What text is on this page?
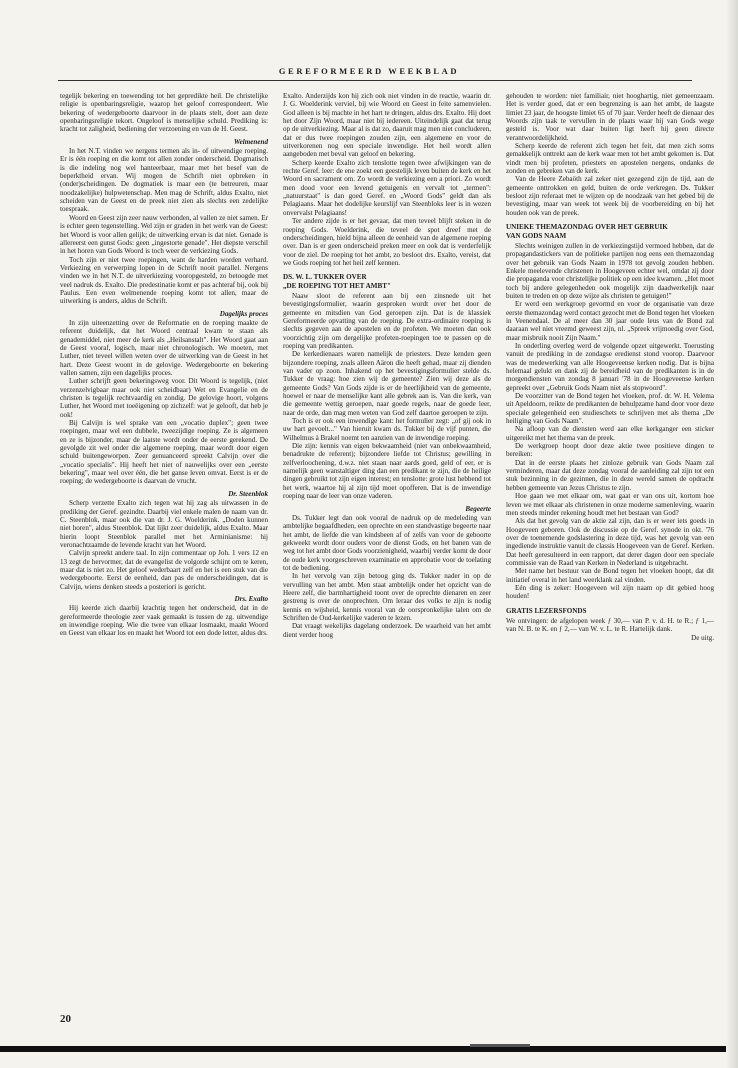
GEREFORMEERD WEEKBLAD

tegelijk bekering en toewending tot het gepredikte heil. De christelijke religie is openbaringsreligie, waarop het geloof correspondeert. Wie bekering of wedergeboorte daarvoor in de plaats stelt, doet aan deze openbaringsreligie tekort. Ongeloof is menselijke schuld. Prediking is: kracht tot zaligheid, bediening der verzoening en van de H. Geest.

Welmenend

In het N.T. vinden we nergens termen als in- of uitwendige roeping. Er is één roeping en die komt tot allen zonder onderscheid. Dogmatisch is die indeling nog wel hanteerbaar, maar met het besef van de beperktheid ervan. Wij mogen de Schrift niet opbreken in (onder)scheidingen. De dogmatiek is maar een (te betreuren, maar noodzakelijke) hulpwetenschap. Men mag de Schrift, aldus Exalto, niet scheiden van de Geest en de preek niet zien als slechts een zedelijke toespraak.

Woord en Geest zijn zeer nauw verbonden, al vallen ze niet samen. Er is echter geen tegenstelling. Wel zijn er graden in het werk van de Geest: het Woord is voor allen gelijk; de uitwerking ervan is dat niet. Genade is allereerst een gunst Gods: geen „ingestorte genade". Het diepste verschil in het horen van Gods Woord is toch weer de verkiezing Gods.

Toch zijn er niet twee roepingen, want de harden worden verhard. Verkiezing en verwerping lopen in de Schrift nooit parallel. Nergens vinden we in het N.T. de uitverkiezing vooropgesteld, zo betoogde met veel nadruk ds. Exalto. Die predestinatie komt er pas achteraf bij, ook bij Paulus. Een even welmenende roeping komt tot allen, maar de uitwerking is anders, aldus de Schrift.

Dagelijks proces

In zijn uiteenzetting over de Reformatie en de roeping maakte de referent duidelijk, dat het Woord centraal kwam te staan als genademiddel, niet meer de kerk als „Heilsanstalt". Het Woord gaat aan de Geest vooraf, logisch, maar niet chronologisch. We moeten, met Luther, niet teveel willen weten over de uitwerking van de Geest in het hart. Deze Geest woont in de gelovige. Wedergeboorte en bekering vallen samen, zijn een dagelijks proces.

Luther schrijft geen bekeringsweg voor. Dit Woord is tegelijk, (niet verzenzelvigbaar maar ook niet scheidbaar) Wet en Evangelie en de christen is tegelijk rechtvaardig en zondig. De gelovige hoort, volgens Luther, het Woord met toeëigening op zichzelf: wat je gelooft, dat heb je ook!

Bij Calvijn is wel sprake van een „vocatio duplex"; geen twee roepingen, maar wel een dubbele, tweezijdige roeping. Ze is algemeen en ze is bijzonder, maar de laatste wordt onder de eerste gerekend. De gevolgde zit wel onder die algemene roeping, maar wordt door eigen schuld buitengeworpen. Zeer genuanceerd spreekt Calvijn over die „vocatio specialis". Hij heeft het niet of nauwelijks over een „eerste bekering", maar wel over één, die het ganse leven omvat. Eerst is er de roeping; de wedergeboorte is daarvan de vrucht.

Dr. Steenblok

Scherp verzette Exalto zich tegen wat hij zag als uitwassen in de prediking der Geref. gezindte. Daarbij viel enkele malen de naam van dr. C. Steenblok, maar ook die van dr. J. G. Woelderink. „Doden kunnen niet horen", aldus Steenblok. Dat lijkt zeer duidelijk, aldus Exalto. Maar hierin loopt Steenblok parallel met het Arminianisme: hij veronachtzaamde de levende kracht van het Woord.

Calvijn spreekt andere taal. In zijn commentaar op Joh. 1 vers 12 en 13 zegt de hervormer, dat de evangelist de volgorde schijnt om te keren, maar dat is niet zo. Het geloof wederbaart zelf en het is een stuk van die wedergeboorte. Eerst de eenheid, dan pas de onderscheidingen, dat is Calvijn, wiens denken steeds a posteriori is gericht.

Drs. Exalto

Hij keerde zich daarbij krachtig tegen het onderscheid, dat in de gereformeerde theologie zeer vaak gemaakt is tussen de zg. uitwendige en inwendige roeping. Wie die twee van elkaar losmaakt, maakt Woord en Geest van elkaar los en maakt het Woord tot een dode letter, aldus drs.

Exalto. Anderzijds kon hij zich ook niet vinden in de reactie, waarin dr. J. G. Woelderink verviel, bij wie Woord en Geest in feite samenvielen. God alleen is bij machte in het hart te dringen, aldus drs. Exalto. Hij doet het door Zijn Woord, maar niet bij iedereen. Uiteindelijk gaat dat terug op de uitverkiezing. Maar al is dat zo, daaruit mag men niet concluderen, dat er dus twee roepingen zouden zijn, een algemene en voor de uitverkorenen nog een speciale inwendige. Het heil wordt allen aangeboden met beval van geloof en bekering.

Scherp keerde Exalto zich tenslotte tegen twee afwijkingen van de rechte Geref. leer: de ene zoekt een geestelijk leven buiten de kerk en het Woord en sacrament om. Zo wordt de verkiezing een a priori. Zo wordt men dood voor een levend getuigenis en vervalt tot „termen": „natuurstaat" is dan goed Geref. en „Woord Gods" geldt dan als Pelagiaans. Maar het dodelijke keurslijf van Steenbloks leer is in wezen onvervalst Pelagiaans!

Ter andere zijde is er het gevaar, dat men teveel blijft steken in de roeping Gods. Woelderink, die teveel de spot dreef met de onderscheidingen, hield bijna alleen de eenheid van de algemene roeping over. Dan is er geen onderscheid preken meer en ook dat is verderfelijk voor de ziel. De roeping tot het ambt, zo besloot drs. Exalto, vereist, dat we Gods roeping tot het heil zelf kennen.

DS. W. L. TUKKER OVER
„DE ROEPING TOT HET AMBT"

Naaw sloot de referent aan bij een zinsnede uit het bevestigingsformulier, waarin gesproken wordt over het door de gemeente en mitsdien van God geroepen zijn. Dat is de klassiek Gereformeerde opvatting van de roeping. De extra-ordinaire roeping is slechts gegeven aan de apostelen en de profeten. We moeten dan ook voorzichtig zijn om dergelijke profeten-roepingen toe te passen op de roeping van predikanten.

De kerkedienaars waren namelijk de priesters. Deze kenden geen bijzondere roeping, zoals alleen Aäron die heeft gehad, maar zij dienden van vader op zoon. Inhakend op het bevestigingsformulier stelde ds. Tukker de vraag: hoe zien wij de gemeente? Zien wij deze als de gemeente Gods? Van Gods zijde is er de heerlijkheid van de gemeente, hoewel er naar de menselijke kant alle gebrek aan is. Van die kerk, van die gemeente wettig geroepen, naar goede regels, naar de goede leer, naar de orde, dan mag men weten van God zelf daartoe geroepen te zijn.

Toch is er ook een inwendige kant: het formulier zegt: „of gij ook in uw hart gevoelt..." Van hieruit kwam ds. Tukker bij de vijf punten, die Wilhelmus à Brakel noemt ten aanzien van de inwendige roeping.

Die zijn: kennis van eigen bekwaamheid (niet van onbekwaamheid, benadrukte de referent); bijzondere liefde tot Christus; gewilling in zelfverloochening, d.w.z. niet staan naar aards goed, geld of eer, er is namelijk geen wanstaltiger ding dan een predikant te zijn, die de heilige dingen gebruikt tot zijn eigen interest; en tenslotte: grote lust hebbend tot het werk, waartoe hij al zijn tijd moet opofferen. Dat is de inwendige roeping naar de leer van onze vaderen.

Begeerte

Ds. Tukker legt dan ook vooral de nadruk op de medeleding van ambtelijke begaafdheden, een oprechte en een standvastige begeerte naar het ambt, de liefde die van kindsbeen af of zelfs van voor de geboorte gekweekt wordt door ouders voor de dienst Gods, en het banen van de weg tot het ambt door Gods voorzienigheid, waarbij verder komt de door de oude kerk voorgeschreven examinatie en approbatie voor de toelating tot de bediening.

In het vervolg van zijn betoog ging ds. Tukker nader in op de vervulling van het ambt. Men staat ambtelijk onder het opzicht van de Heere zelf, die barmhartigheid toont over de oprechte dienaren en zeer gestreng is over de onoprechten. Om leraar des volks te zijn is nodig kennis en wijsheid, kennis vooral van de oorspronkelijke talen om de Schriften de Oud-kerkelijke vaderen te lezen.

Dat vraagt wekelijks dagelang onderzoek. De waarheid van het ambt dient verder hoog

gehouden te worden: niet familiair, niet hooghartig, niet gemeenzaam. Het is verder goed, dat er een begrenzing is aan het ambt, de laagste limiet 23 jaar, de hoogste limiet 65 of 70 jaar. Verder heeft de dienaar des Woords zijn taak te vervullen in de plaats waar hij van Gods wege gesteld is. Voor wat daar buiten ligt heeft hij geen directe verantwoordelijkheid.

Scherp keerde de referent zich tegen het feit, dat men zich soms gemakkelijk onttrekt aan de kerk waar men tot het ambt gekomen is. Dat vindt men bij profeten, priesters en apostelen nergens, ondanks de zonden en gebreken van de kerk.

Van de Heere Zebaöth zal zeker niet gezegend zijn de tijd, aan de gemeente onttrokken en geld, buiten de orde verkregen. Ds. Tukker besloot zijn referaat met te wijzen op de noodzaak van het gebed bij de bevestiging, maar van week tot week bij de voorbereiding en bij het houden ook van de preek.

UNIEKE THEMAZONDAG OVER HET GEBRUIK
VAN GODS NAAM

Slechts weinigen zullen in de verkiezingstijd vermoed hebben, dat de propagandastickers van de politieke partijen nog eens een themazondag over het gebruik van Gods Naam in 1978 tot gevolg zouden hebben. Enkele meelevende christenen in Hoogeveen echter wel, omdat zij door die propaganda voor christelijke politiek op een idee kwamen. „Het moet toch bij andere gelegenheden ook mogelijk zijn daadwerkelijk naar buiten te treden en op deze wijze als christen te getuigen!"

Er werd een werkgroep gevormd en voor de organisatie van deze eerste themazondag werd contact gezocht met de Bond tegen het vloeken in Veenendaal. De al meer dan 30 jaar oude leus van de Bond zal daaraan wel niet vreemd geweest zijn, nl. „Spreek vrijmoedig over God, maar misbruik nooit Zijn Naam."

In onderling overleg werd de volgende opzet uitgewerkt. Toerusting vanuit de prediking in de zondagse eredienst stond voorop. Daarvoor was de medewerking van alle Hoogeveense kerken nodig. Dat is bijna helemaal gelukt en dank zij de bereidheid van de predikanten is in de morgendiensten van zondag 8 januari '78 in de Hoogeveense kerken gepreekt over „Gebruik Gods Naam niet als stopwoord".

De voorzitter van de Bond tegen het vloeken, prof. dr. W. H. Velema uit Apeldoorn, reikte de predikanten de behulpzame hand door voor deze speciale gelegenheid een studieschets te schrijven met als thema „De heiliging van Gods Naam".

Na afloop van de diensten werd aan elke kerkganger een sticker uitgereikt met het thema van de preek.

De werkgroep hoopt door deze aktie twee positieve dingen te bereiken:

Dat in de eerste plaats het zinloze gebruik van Gods Naam zal verminderen, maar dat deze zondag vooral de aanleiding zal zijn tot een stuk bezinning in de gezinnen, die in deze wereld samen de opdracht hebben gemeente van Jezus Christus te zijn.

Hoe gaan we met elkaar om, wat gaat er van ons uit, kortom hoe leven we met elkaar als christenen in onze moderne samenleving, waarin men steeds minder rekening houdt met het bestaan van God?

Als dat het gevolg van de aktie zal zijn, dan is er weer iets goeds in Hoogeveen geboren. Ook de discussie op de Geref. synode in okt. '76 over de toenemende godslastering in deze tijd, was het gevolg van een ingediende instruktie vanuit de classis Hoogeveen van de Geref. Kerken. Dat heeft geresulteerd in een rapport, dat derer dagen door een speciale commissie van de Raad van Kerken in Nederland is uitgebracht.

Met name het bestuur van de Bond tegen het vloeken hoopt, dat dit initiatief overal in het land weerklank zal vinden.

Eén ding is zeker: Hoogeveen wil zijn naam op dit gebied hoog houden!

GRATIS LEZERSFONDS

We ontvingen: de afgelopen week ƒ 30,— van P. v. d. H. te R.; ƒ 1,— van N. B. te K. en ƒ 2,— van W. v. L. te R. Hartelijk dank.

De uitg.
20
